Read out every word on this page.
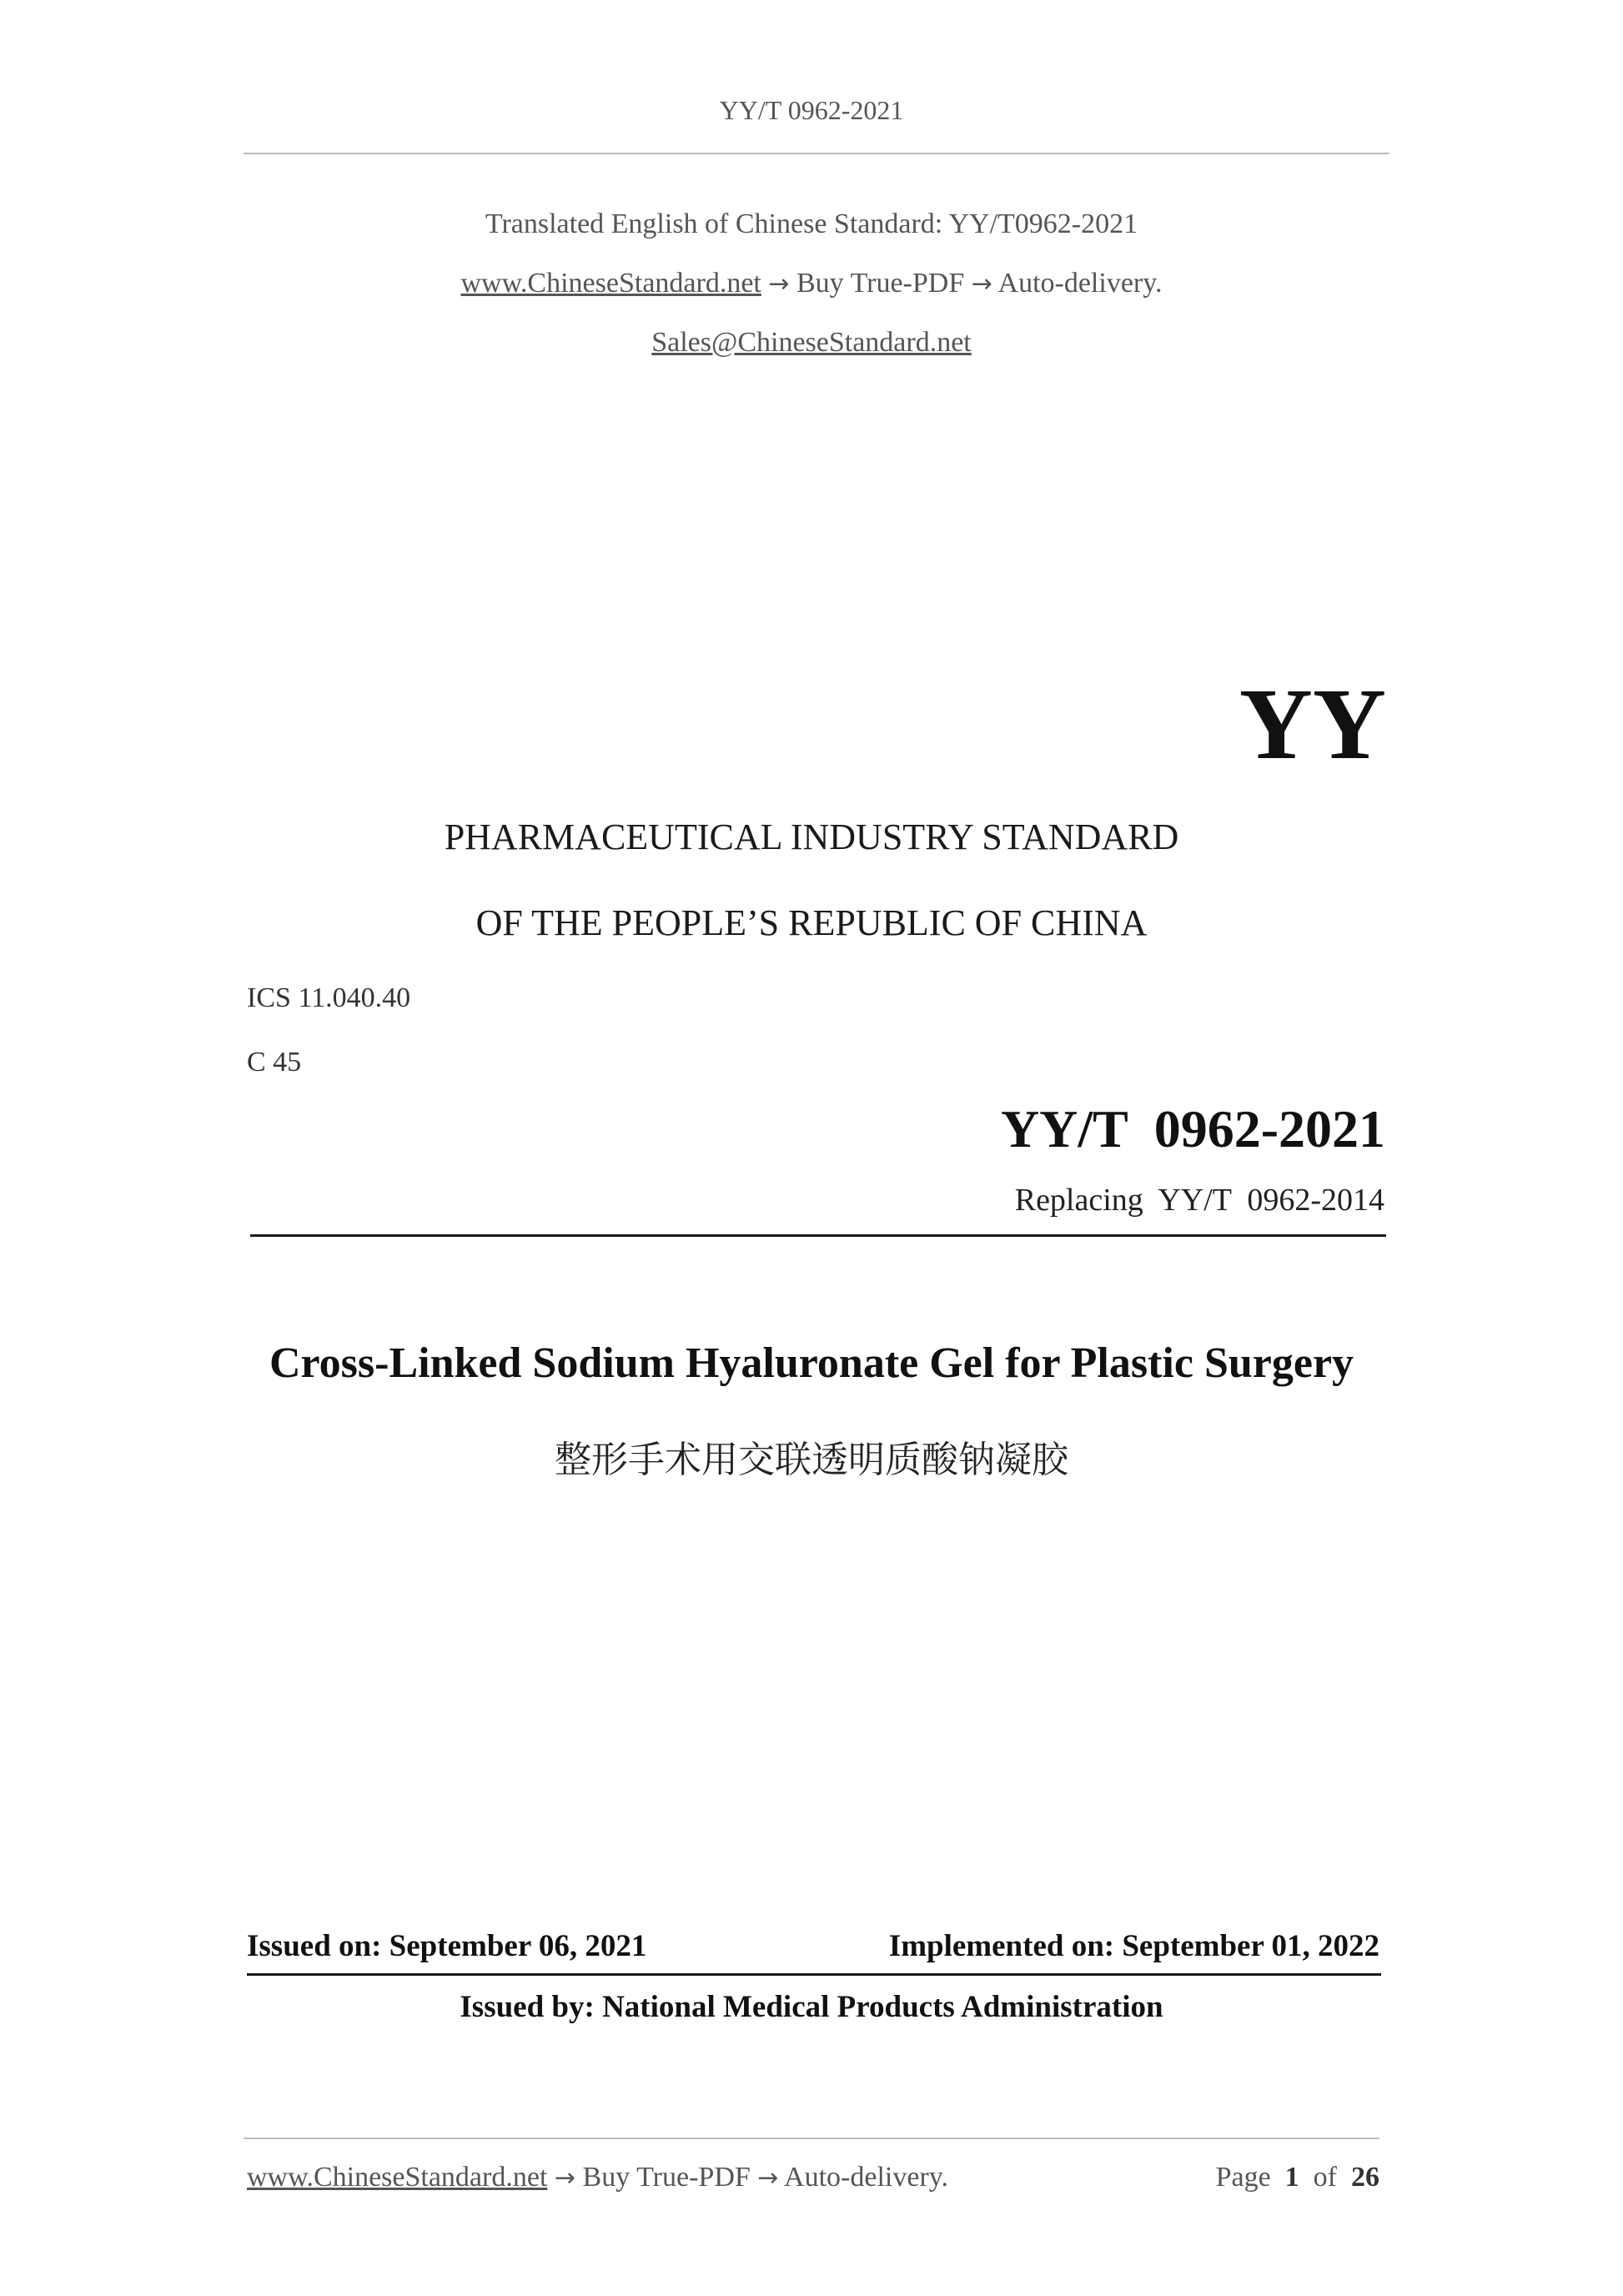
YY/T 0962-2021
Translated English of Chinese Standard: YY/T0962-2021
www.ChineseStandard.net → Buy True-PDF → Auto-delivery.
Sales@ChineseStandard.net
YY
PHARMACEUTICAL INDUSTRY STANDARD
OF THE PEOPLE’S REPUBLIC OF CHINA
ICS 11.040.40
C 45
YY/T  0962-2021
Replacing  YY/T  0962-2014
Cross-Linked Sodium Hyaluronate Gel for Plastic Surgery
整形手术用交联透明质酸钠凝胶
Issued on: September 06, 2021	Implemented on: September 01, 2022
Issued by: National Medical Products Administration
www.ChineseStandard.net → Buy True-PDF → Auto-delivery.	Page 1 of 26
